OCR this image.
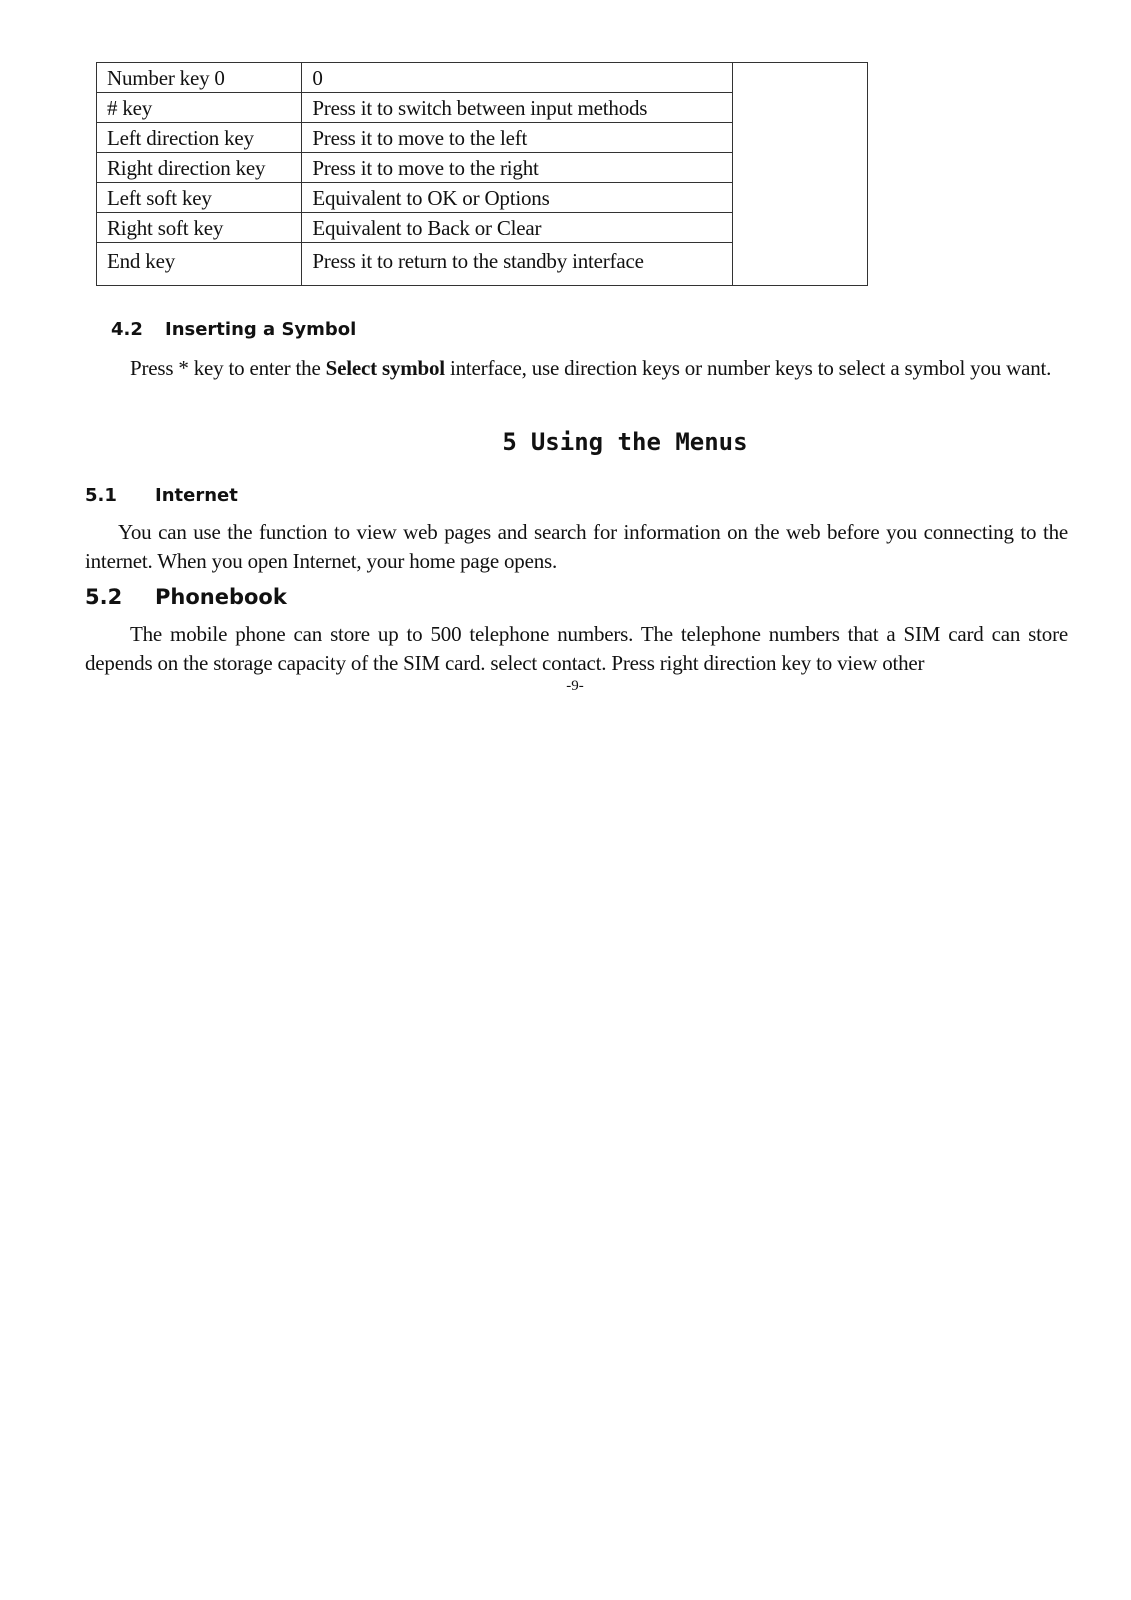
Number key 0	0	
# key	Press it to switch between input methods	
Left direction key	Press it to move to the left	
Right direction key	Press it to move to the right	
Left soft key	Equivalent to OK or Options	
Right soft key	Equivalent to Back or Clear	
End key	Press it to return to the standby interface	
4.2 Inserting a Symbol
Press * key to enter the Select symbol interface, use direction keys or number keys to select a symbol you want.
5 Using the Menus
5.1 Internet
You can use the function to view web pages and search for information on the web before you connecting to the internet. When you open Internet, your home page opens.
5.2 Phonebook
The mobile phone can store up to 500 telephone numbers. The telephone numbers that a SIM card can store depends on the storage capacity of the SIM card. select contact. Press right direction key to view other
-9-
